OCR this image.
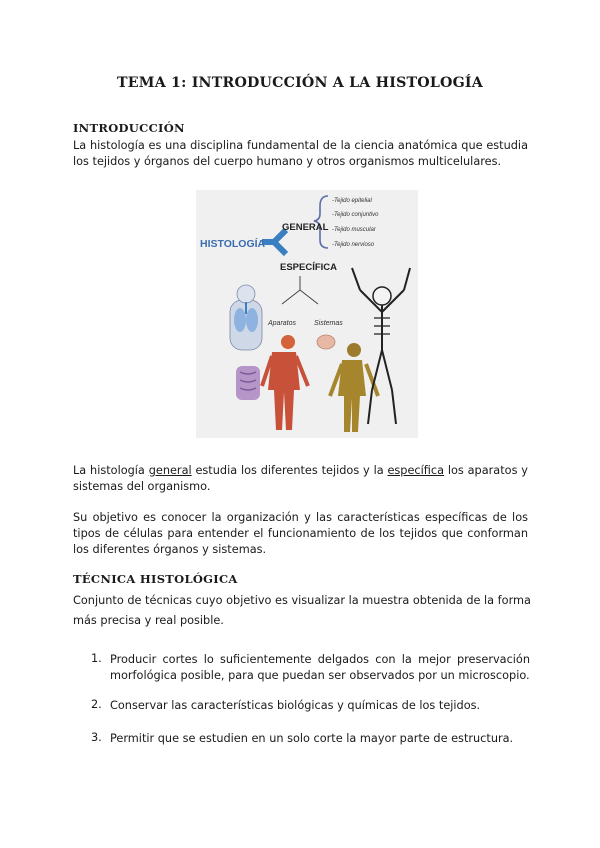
TEMA 1: INTRODUCCIÓN A LA HISTOLOGÍA
INTRODUCCIÓN
La histología es una disciplina fundamental de la ciencia anatómica que estudia
los tejidos y órganos del cuerpo humano y otros organismos multicelulares.
HISTOLOGÍA
GENERAL
ESPECÍFICA
-Tejido epitelial
-Tejido conjuntivo
-Tejido muscular
-Tejido nervioso
Aparatos	Sistemas
La histología general estudia los diferentes tejidos y la específica los aparatos y
sistemas del organismo.
Su objetivo es conocer la organización y las características específicas de los
tipos de células para entender el funcionamiento de los tejidos que conforman
los diferentes órganos y sistemas.
TÉCNICA HISTOLÓGICA
Conjunto de técnicas cuyo objetivo es visualizar la muestra obtenida de la forma
más precisa y real posible.
1. Producir cortes lo suficientemente delgados con la mejor preservación
morfológica posible, para que puedan ser observados por un microscopio.
2. Conservar las características biológicas y químicas de los tejidos.
3. Permitir que se estudien en un solo corte la mayor parte de estructura.
